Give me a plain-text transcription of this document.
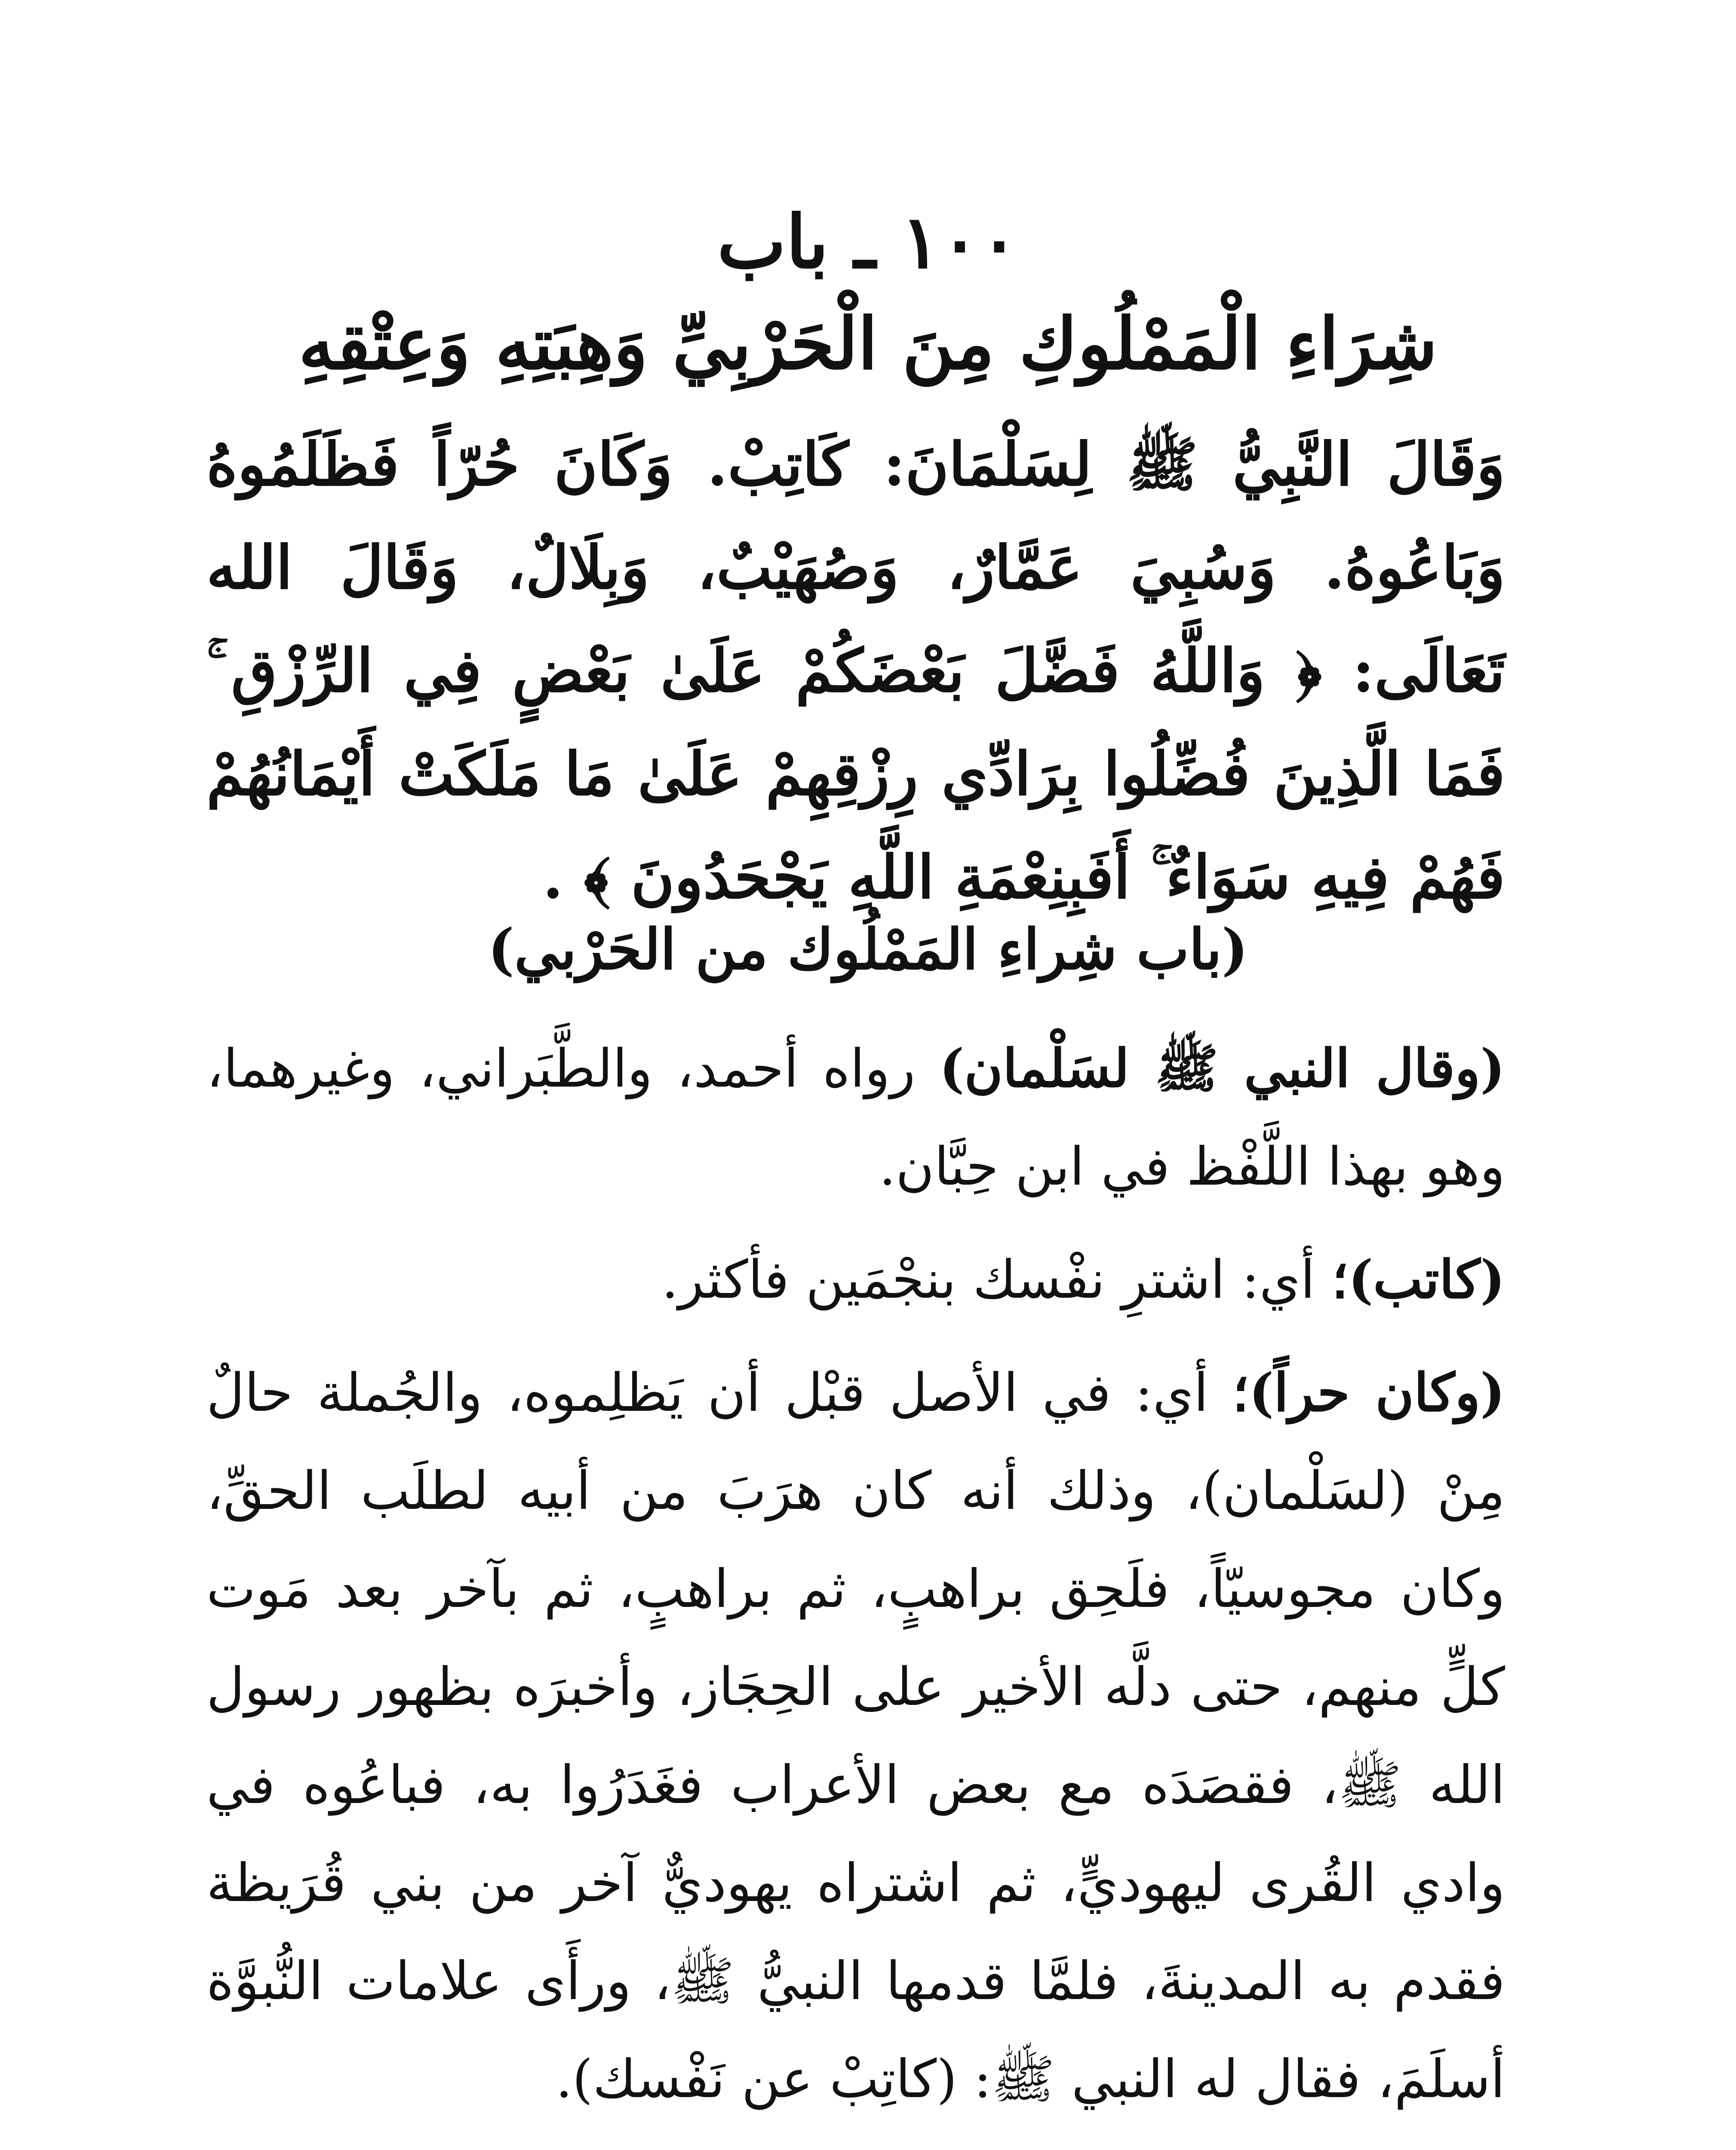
١٠٠ ـ باب
شِرَاءِ الْمَمْلُوكِ مِنَ الْحَرْبِيِّ وَهِبَتِهِ وَعِتْقِهِ
وَقَالَ النَّبِيُّ ﷺ لِسَلْمَانَ: كَاتِبْ. وَكَانَ حُرّاً فَظَلَمُوهُ وَبَاعُوهُ. وَسُبِيَ عَمَّارٌ، وَصُهَيْبٌ، وَبِلَالٌ، وَقَالَ الله تَعَالَى: ﴿ وَاللَّهُ فَضَّلَ بَعْضَكُمْ عَلَىٰ بَعْضٍ فِي الرِّزْقِ ۚ فَمَا الَّذِينَ فُضِّلُوا بِرَادِّي رِزْقِهِمْ عَلَىٰ مَا مَلَكَتْ أَيْمَانُهُمْ فَهُمْ فِيهِ سَوَاءٌ ۚ أَفَبِنِعْمَةِ اللَّهِ يَجْحَدُونَ ﴾ .
(باب شِراءِ المَمْلُوك من الحَرْبي)

(وقال النبي ﷺ لسَلْمان) رواه أحمد، والطَّبَراني، وغيرهما، وهو بهذا اللَّفْظ في ابن حِبَّان.

(كاتب)؛ أي: اشترِ نفْسك بنجْمَين فأكثر.

(وكان حراً)؛ أي: في الأصل قبْل أن يَظلِموه، والجُملة حالٌ مِنْ (لسَلْمان)، وذلك أنه كان هرَبَ من أبيه لطلَب الحقِّ، وكان مجوسيّاً، فلَحِق براهبٍ، ثم براهبٍ، ثم بآخر بعد مَوت كلٍّ منهم، حتى دلَّه الأخير على الحِجَاز، وأخبرَه بظهور رسول الله ﷺ، فقصَدَه مع بعض الأعراب فغَدَرُوا به، فباعُوه في وادي القُرى ليهوديٍّ، ثم اشتراه يهوديٌّ آخر من بني قُرَيظة فقدم به المدينةَ، فلمَّا قدمها النبيُّ ﷺ، ورأَى علامات النُّبوَّة أسلَمَ، فقال له النبي ﷺ: (كاتِبْ عن نَفْسك).
